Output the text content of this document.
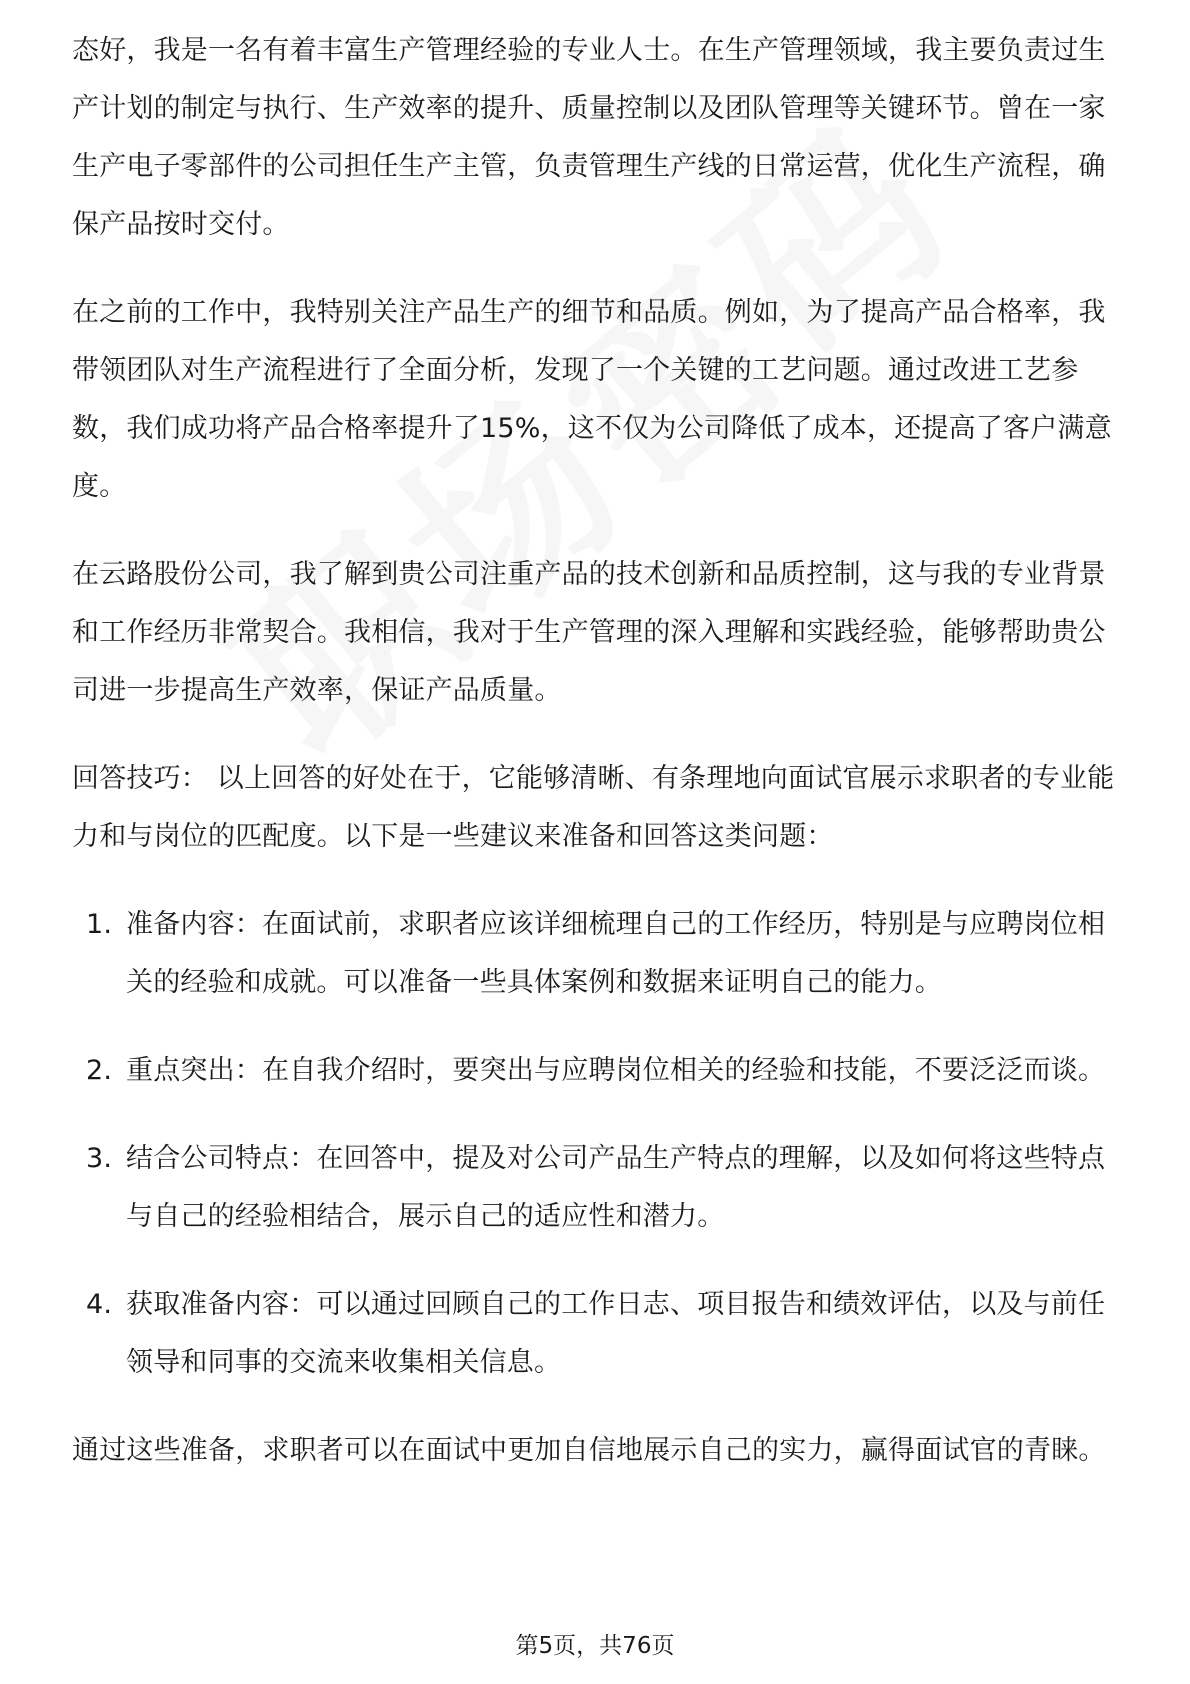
态好，我是一名有着丰富生产管理经验的专业人士。在生产管理领域，我主要负责过生产计划的制定与执行、生产效率的提升、质量控制以及团队管理等关键环节。曾在一家生产电子零部件的公司担任生产主管，负责管理生产线的日常运营，优化生产流程，确保产品按时交付。

在之前的工作中，我特别关注产品生产的细节和品质。例如，为了提高产品合格率，我带领团队对生产流程进行了全面分析，发现了一个关键的工艺问题。通过改进工艺参数，我们成功将产品合格率提升了15%，这不仅为公司降低了成本，还提高了客户满意度。

在云路股份公司，我了解到贵公司注重产品的技术创新和品质控制，这与我的专业背景和工作经历非常契合。我相信，我对于生产管理的深入理解和实践经验，能够帮助贵公司进一步提高生产效率，保证产品质量。

回答技巧： 以上回答的好处在于，它能够清晰、有条理地向面试官展示求职者的专业能力和与岗位的匹配度。以下是一些建议来准备和回答这类问题：

1. 准备内容：在面试前，求职者应该详细梳理自己的工作经历，特别是与应聘岗位相关的经验和成就。可以准备一些具体案例和数据来证明自己的能力。
2. 重点突出：在自我介绍时，要突出与应聘岗位相关的经验和技能，不要泛泛而谈。
3. 结合公司特点：在回答中，提及对公司产品生产特点的理解，以及如何将这些特点与自己的经验相结合，展示自己的适应性和潜力。
4. 获取准备内容：可以通过回顾自己的工作日志、项目报告和绩效评估，以及与前任领导和同事的交流来收集相关信息。

通过这些准备，求职者可以在面试中更加自信地展示自己的实力，赢得面试官的青睐。

第5页，共76页
